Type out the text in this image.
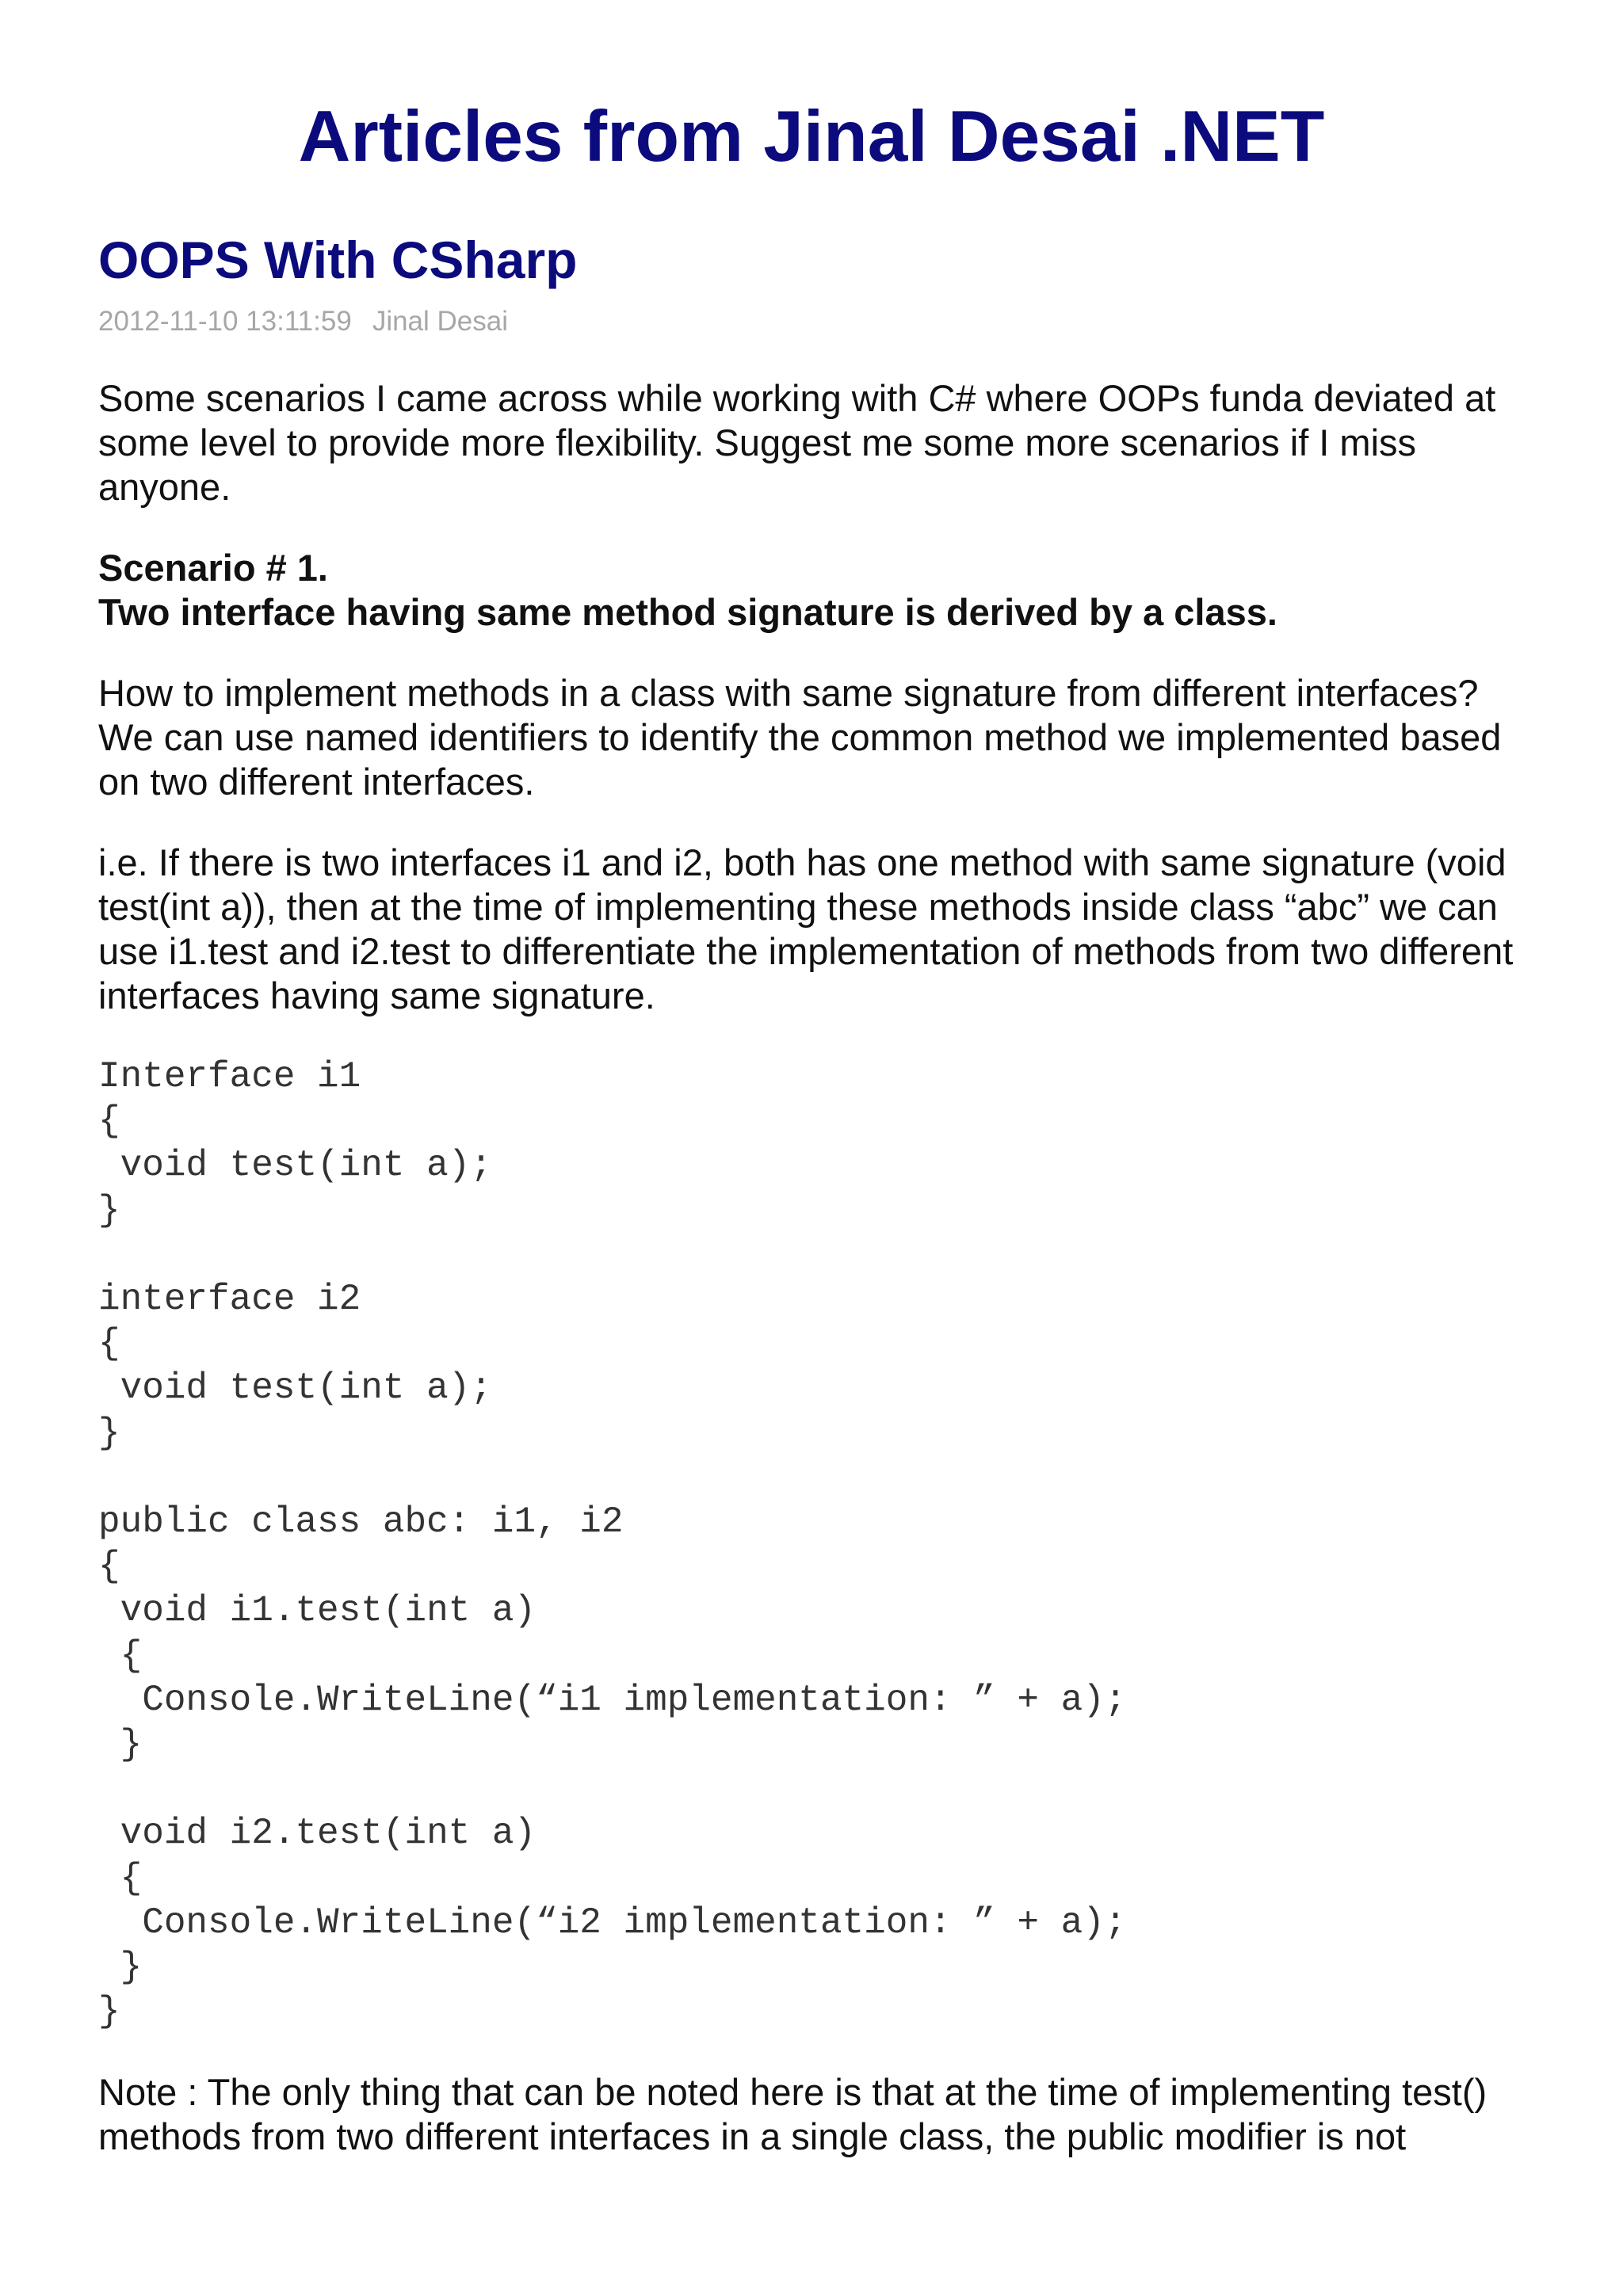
Articles from Jinal Desai .NET
OOPS With CSharp
2012-11-10 13:11:59 Jinal Desai

Some scenarios I came across while working with C# where OOPs funda deviated at some level to provide more flexibility. Suggest me some more scenarios if I miss anyone.

Scenario # 1.
Two interface having same method signature is derived by a class.

How to implement methods in a class with same signature from different interfaces?
We can use named identifiers to identify the common method we implemented based on two different interfaces.

i.e. If there is two interfaces i1 and i2, both has one method with same signature (void test(int a)), then at the time of implementing these methods inside class “abc” we can use i1.test and i2.test to differentiate the implementation of methods from two different interfaces having same signature.

Interface i1
{
void test(int a);
}

interface i2
{
void test(int a);
}

public class abc: i1, i2
{
void i1.test(int a)
{
Console.WriteLine(“i1 implementation: ” + a);
}

void i2.test(int a)
{
Console.WriteLine(“i2 implementation: ” + a);
}
}

Note : The only thing that can be noted here is that at the time of implementing test() methods from two different interfaces in a single class, the public modifier is not
